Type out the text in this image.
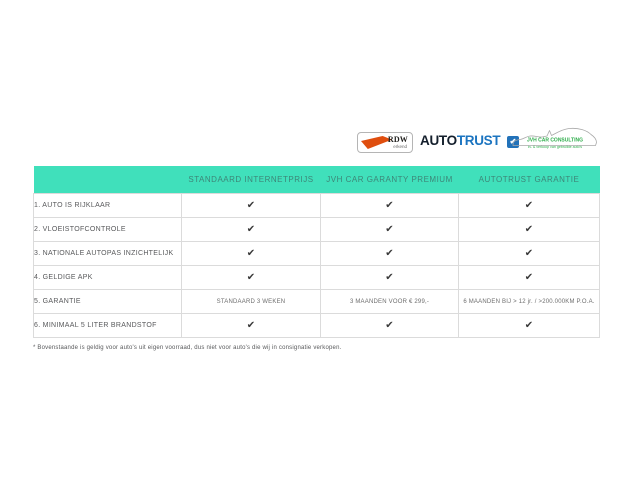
RDW
erkend AUTOTRUST ✔	JVH CAR CONSULTING
in- & verkoop van gebruikte auto's
	STANDAARD INTERNETPRIJS	JVH CAR GARANTY PREMIUM	AUTOTRUST GARANTIE
1. AUTO IS RIJKLAAR	✔	✔	✔
2. VLOEISTOFCONTROLE	✔	✔	✔
3. NATIONALE AUTOPAS INZICHTELIJK	✔	✔	✔
4. GELDIGE APK	✔	✔	✔
5. GARANTIE	STANDAARD 3 WEKEN	3 MAANDEN VOOR € 299,-	6 MAANDEN BIJ > 12 jr. / >200.000KM P.O.A.
6. MINIMAAL 5 LITER BRANDSTOF	✔	✔	✔
* Bovenstaande is geldig voor auto's uit eigen voorraad, dus niet voor auto's die wij in consignatie verkopen.
